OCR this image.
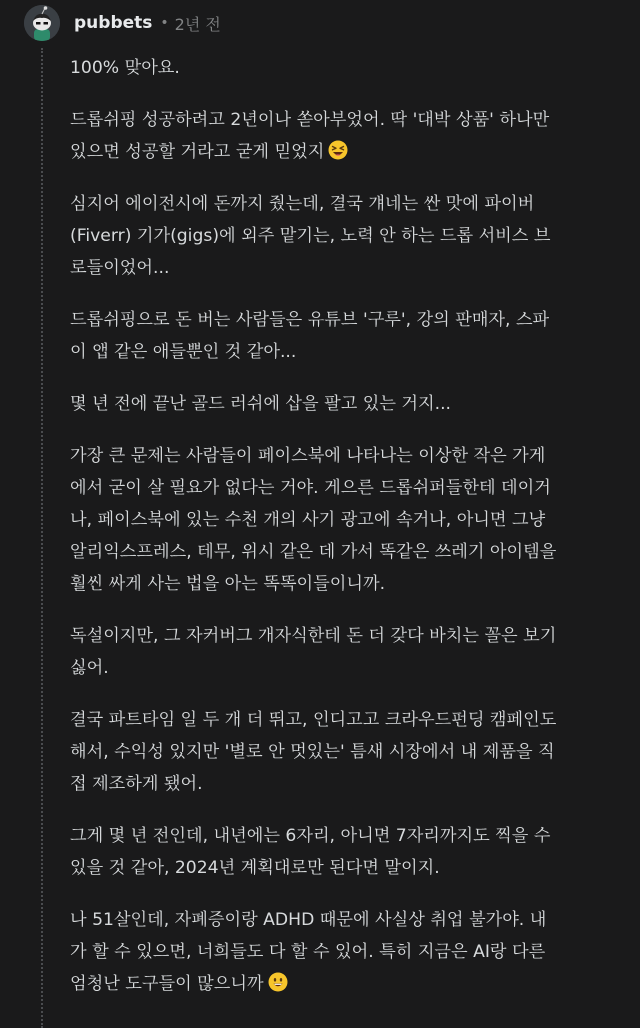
pubbets • 2년 전

100% 맞아요.

드롭쉬핑 성공하려고 2년이나 쏟아부었어. 딱 '대박 상품' 하나만
있으면 성공할 거라고 굳게 믿었지

심지어 에이전시에 돈까지 줬는데, 결국 걔네는 싼 맛에 파이버
(Fiverr) 기가(gigs)에 외주 맡기는, 노력 안 하는 드롭 서비스 브
로들이었어...

드롭쉬핑으로 돈 버는 사람들은 유튜브 '구루', 강의 판매자, 스파
이 앱 같은 애들뿐인 것 같아...

몇 년 전에 끝난 골드 러쉬에 삽을 팔고 있는 거지...

가장 큰 문제는 사람들이 페이스북에 나타나는 이상한 작은 가게
에서 굳이 살 필요가 없다는 거야. 게으른 드롭쉬퍼들한테 데이거
나, 페이스북에 있는 수천 개의 사기 광고에 속거나, 아니면 그냥
알리익스프레스, 테무, 위시 같은 데 가서 똑같은 쓰레기 아이템을
훨씬 싸게 사는 법을 아는 똑똑이들이니까.

독설이지만, 그 자커버그 개자식한테 돈 더 갖다 바치는 꼴은 보기
싫어.

결국 파트타임 일 두 개 더 뛰고, 인디고고 크라우드펀딩 캠페인도
해서, 수익성 있지만 '별로 안 멋있는' 틈새 시장에서 내 제품을 직
접 제조하게 됐어.

그게 몇 년 전인데, 내년에는 6자리, 아니면 7자리까지도 찍을 수
있을 것 같아, 2024년 계획대로만 된다면 말이지.

나 51살인데, 자폐증이랑 ADHD 때문에 사실상 취업 불가야. 내
가 할 수 있으면, 너희들도 다 할 수 있어. 특히 지금은 AI랑 다른
엄청난 도구들이 많으니까
